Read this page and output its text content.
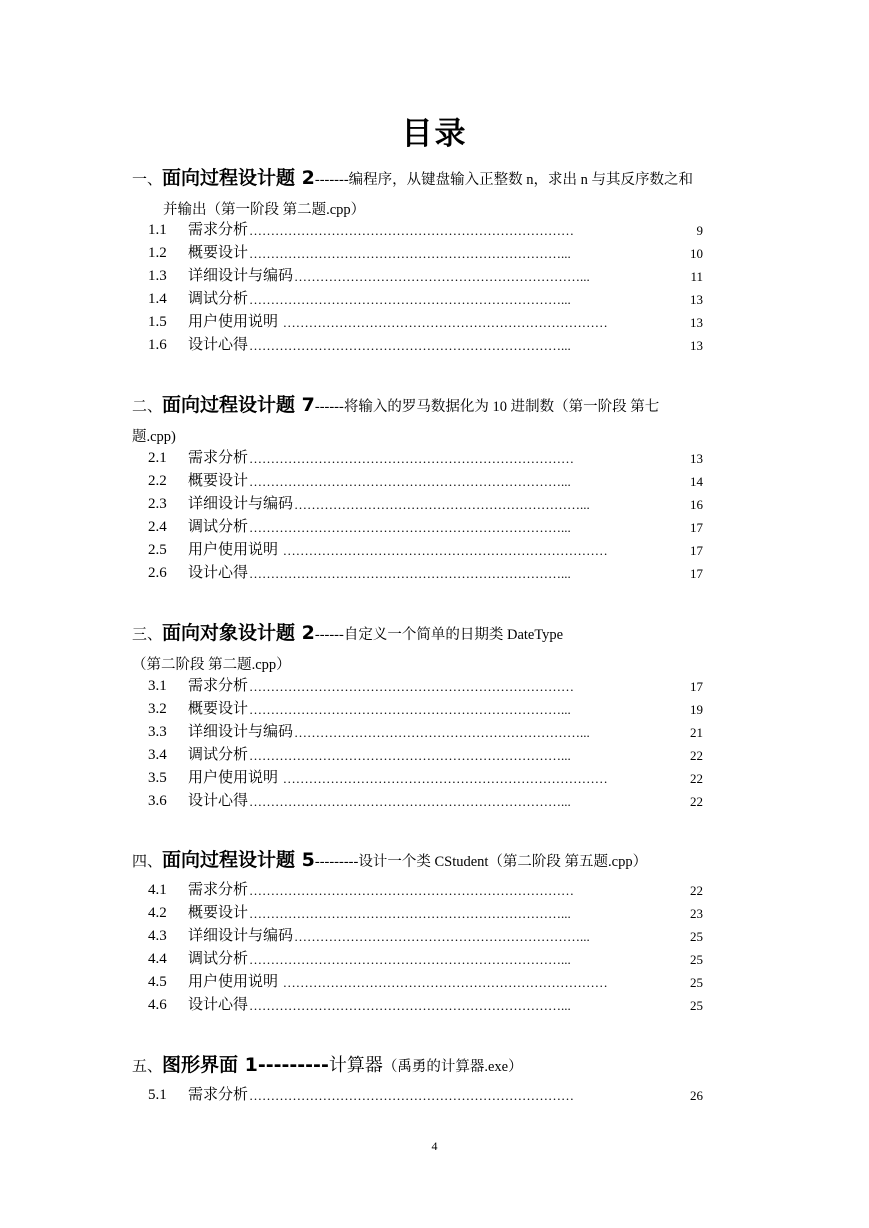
目录
一、面向过程设计题 2-------编程序，从键盘输入正整数 n，求出 n 与其反序数之和
并输出（第一阶段 第二题.cpp）
1.1	需求分析 …………………………………………………………………	9
1.2	概要设计 ………………………………………………………………...	10
1.3	详细设计与编码 …………………………………………………………...	11
1.4	调试分析 ………………………………………………………………...	13
1.5	用户使用说明 …………………………………………………………………	13
1.6	设计心得 ………………………………………………………………...	13
二、面向过程设计题 7------将输入的罗马数据化为 10 进制数（第一阶段 第七
题.cpp)
2.1	需求分析 …………………………………………………………………	13
2.2	概要设计 ………………………………………………………………...	14
2.3	详细设计与编码 …………………………………………………………...	16
2.4	调试分析 ………………………………………………………………...	17
2.5	用户使用说明 …………………………………………………………………	17
2.6	设计心得 ………………………………………………………………...	17
三、面向对象设计题 2------自定义一个简单的日期类 DateType
（第二阶段 第二题.cpp）
3.1	需求分析 …………………………………………………………………	17
3.2	概要设计 ………………………………………………………………...	19
3.3	详细设计与编码 …………………………………………………………...	21
3.4	调试分析 ………………………………………………………………...	22
3.5	用户使用说明 …………………………………………………………………	22
3.6	设计心得 ………………………………………………………………...	22
四、面向过程设计题 5---------设计一个类 CStudent（第二阶段 第五题.cpp）
4.1	需求分析 …………………………………………………………………	22
4.2	概要设计 ………………………………………………………………...	23
4.3	详细设计与编码 …………………………………………………………...	25
4.4	调试分析 ………………………………………………………………...	25
4.5	用户使用说明 …………………………………………………………………	25
4.6	设计心得 ………………………………………………………………...	25
五、图形界面 1---------计算器（禹勇的计算器.exe）
5.1	需求分析 …………………………………………………………………	26
4
